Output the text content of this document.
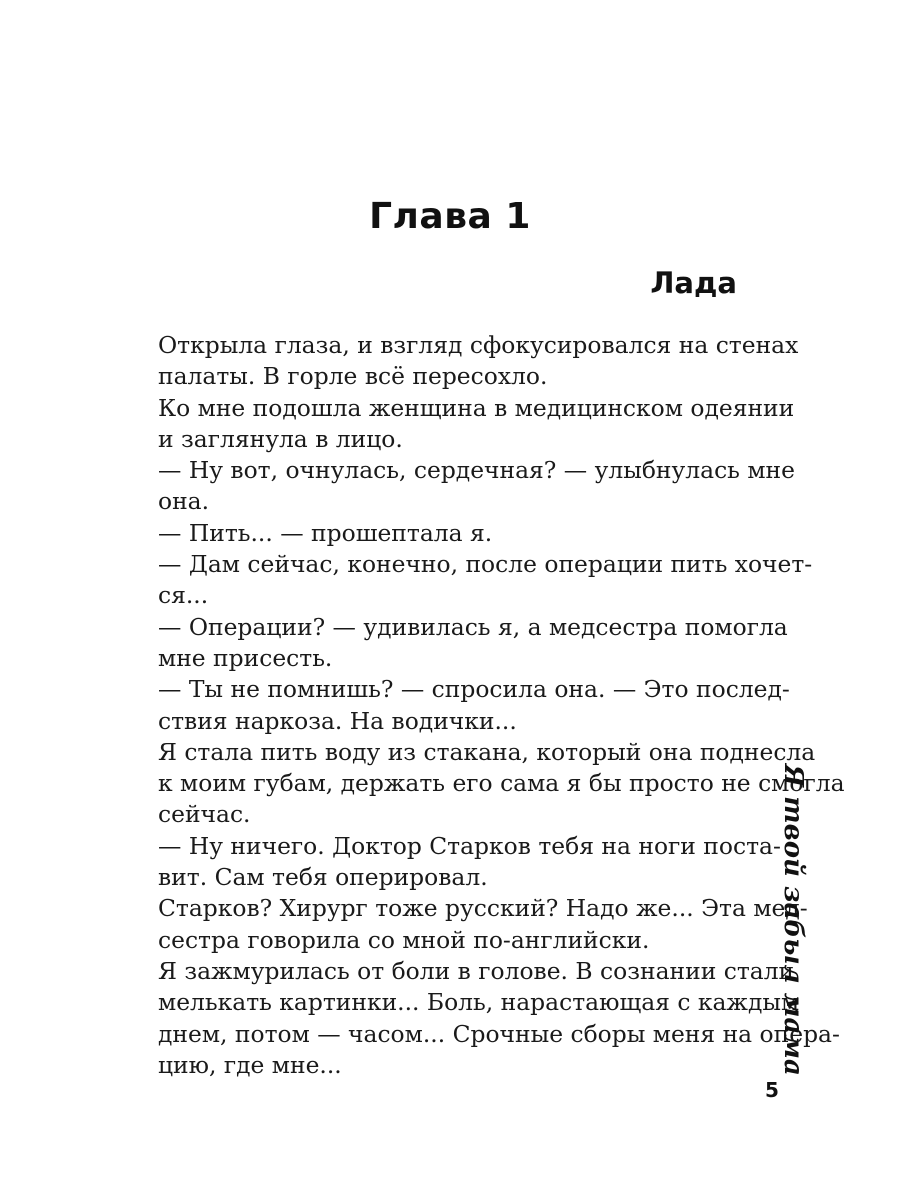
Глава 1
Лада
Открыла глаза, и взгляд сфокусировался на стенах
палаты. В горле всё пересохло.
Ко мне подошла женщина в медицинском одеянии
и заглянула в лицо.
— Ну вот, очнулась, сердечная? — улыбнулась мне
она.
— Пить... — прошептала я.
— Дам сейчас, конечно, после операции пить хочет-
ся...
— Операции? — удивилась я, а медсестра помогла
мне присесть.
— Ты не помнишь? — спросила она. — Это послед-
ствия наркоза. На водички...
Я стала пить воду из стакана, который она поднесла
к моим губам, держать его сама я бы просто не смогла
сейчас.
— Ну ничего. Доктор Старков тебя на ноги поста-
вит. Сам тебя оперировал.
Старков? Хирург тоже русский? Надо же... Эта мед-
сестра говорила со мной по-английски.
Я зажмурилась от боли в голове. В сознании стали
мелькать картинки... Боль, нарастающая с каждым
днем, потом — часом... Срочные сборы меня на опера-
цию, где мне...	Я твой забыл мама
5
